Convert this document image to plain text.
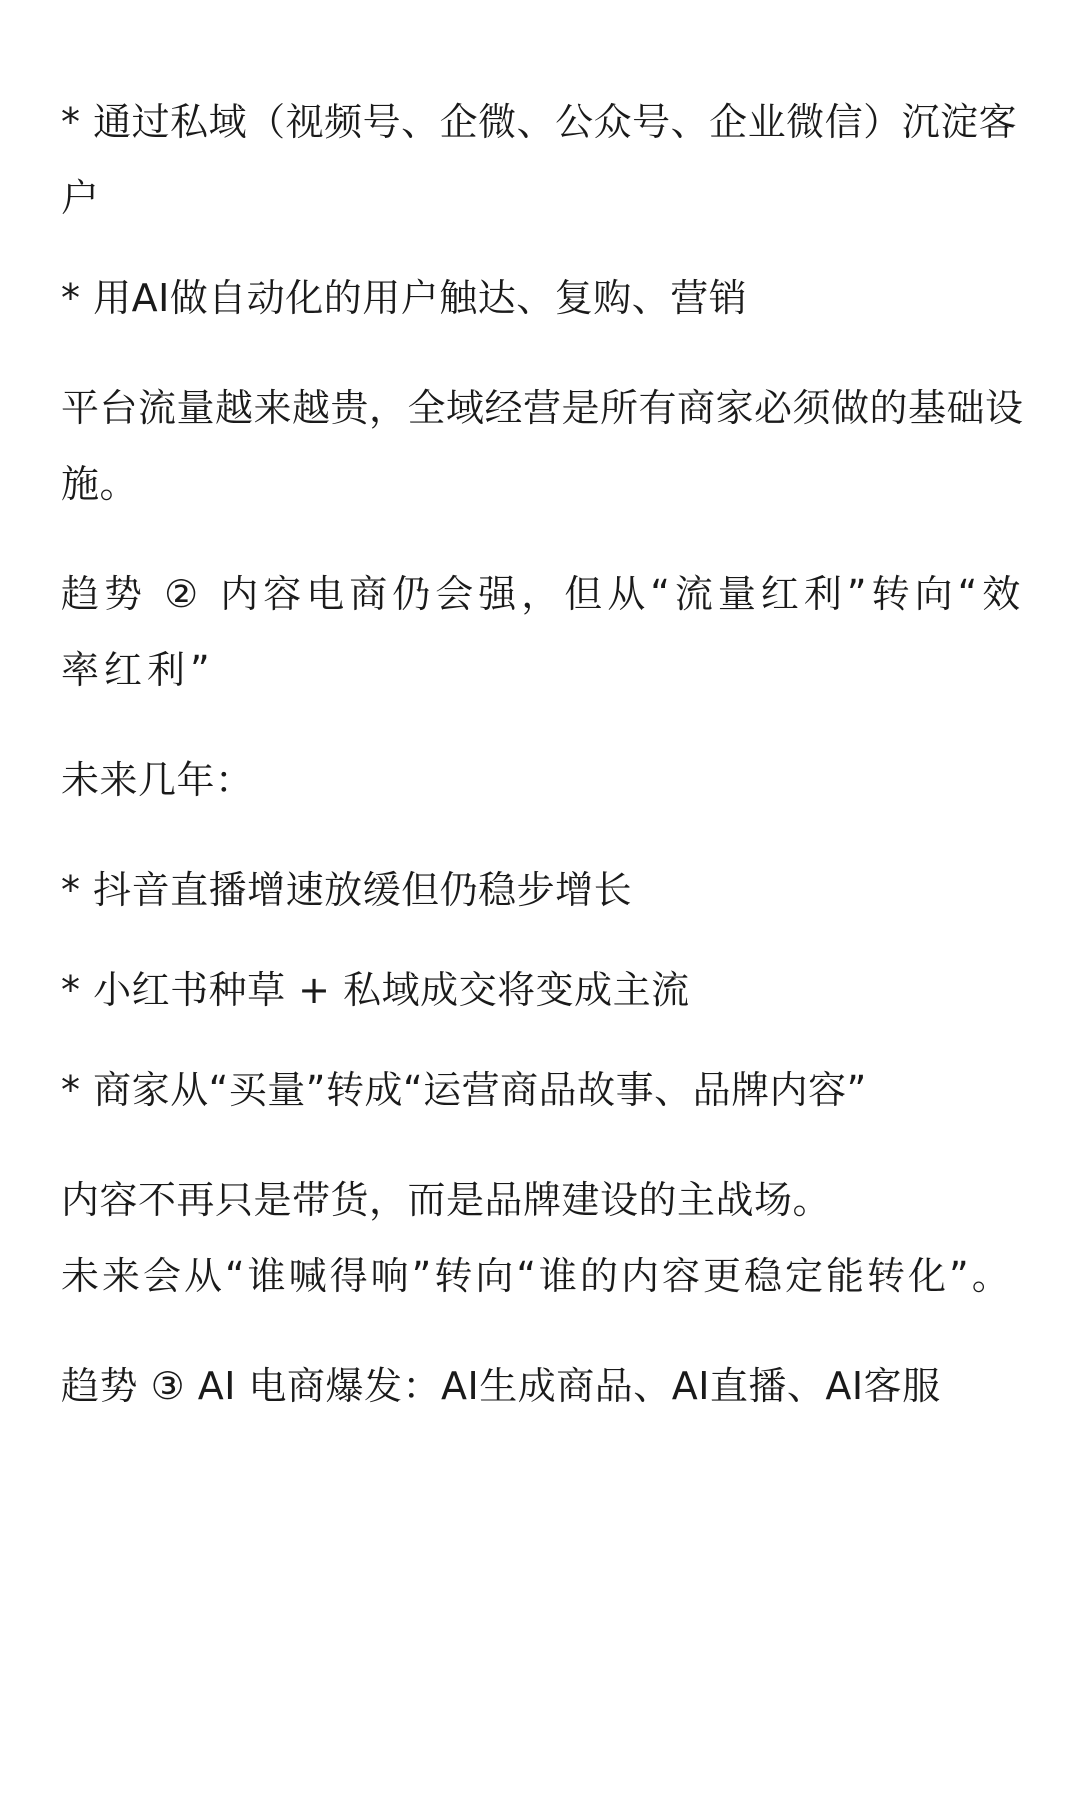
* 通过私域（视频号、企微、公众号、企业微信）沉淀客户

* 用AI做自动化的用户触达、复购、营销

平台流量越来越贵，全域经营是所有商家必须做的基础设施。

趋势 ② 内容电商仍会强，但从“流量红利”转向“效率红利”

未来几年：

* 抖音直播增速放缓但仍稳步增长

* 小红书种草 + 私域成交将变成主流

* 商家从“买量”转成“运营商品故事、品牌内容”

内容不再只是带货，而是品牌建设的主战场。
未来会从“谁喊得响”转向“谁的内容更稳定能转化”。

趋势 ③ AI 电商爆发：AI生成商品、AI直播、AI客服
